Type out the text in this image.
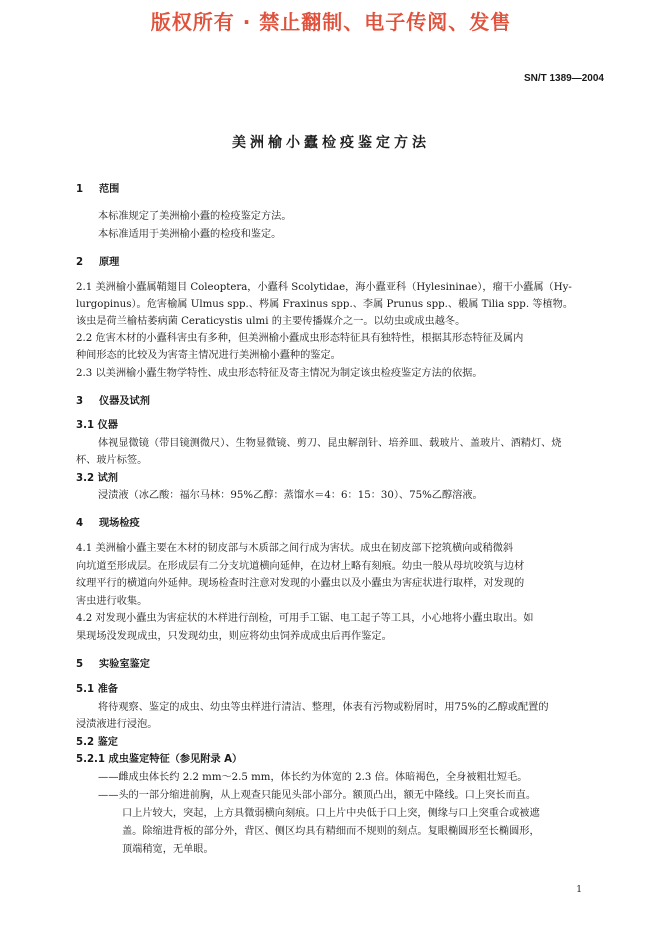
版权所有 · 禁止翻制、电子传阅、发售
SN/T 1389—2004
美洲榆小蠹检疫鉴定方法
1 范围
本标准规定了美洲榆小蠹的检疫鉴定方法。
本标准适用于美洲榆小蠹的检疫和鉴定。
2 原理
2.1 美洲榆小蠹属鞘翅目 Coleoptera，小蠹科 Scolytidae，海小蠹亚科（Hylesininae），瘤干小蠹属（Hy-
lurgopinus）。危害榆属 Ulmus spp.、梣属 Fraxinus spp.、李属 Prunus spp.、椴属 Tilia spp. 等植物。
该虫是荷兰榆枯萎病菌 Ceraticystis ulmi 的主要传播媒介之一。以幼虫或成虫越冬。
2.2 危害木材的小蠹科害虫有多种，但美洲榆小蠹成虫形态特征具有独特性，根据其形态特征及属内
种间形态的比较及为害寄主情况进行美洲榆小蠹种的鉴定。
2.3 以美洲榆小蠹生物学特性、成虫形态特征及寄主情况为制定该虫检疫鉴定方法的依据。
3 仪器及试剂
3.1 仪器
体视显微镜（带目镜测微尺）、生物显微镜、剪刀、昆虫解剖针、培养皿、载玻片、盖玻片、酒精灯、烧
杯、玻片标签。
3.2 试剂
浸渍液（冰乙酸：福尔马林：95%乙醇：蒸馏水＝4：6：15：30）、75%乙醇溶液。
4 现场检疫
4.1 美洲榆小蠹主要在木材的韧皮部与木质部之间行成为害状。成虫在韧皮部下挖筑横向或稍微斜
向坑道至形成层。在形成层有二分支坑道横向延伸，在边材上略有刻痕。幼虫一般从母坑咬筑与边材
纹理平行的横道向外延伸。现场检查时注意对发现的小蠹虫以及小蠹虫为害症状进行取样，对发现的
害虫进行收集。
4.2 对发现小蠹虫为害症状的木样进行剖检，可用手工锯、电工起子等工具，小心地将小蠹虫取出。如
果现场没发现成虫，只发现幼虫，则应将幼虫饲养成成虫后再作鉴定。
5 实验室鉴定
5.1 准备
将待观察、鉴定的成虫、幼虫等虫样进行清洁、整理，体表有污物或粉屑时，用75%的乙醇或配置的
浸渍液进行浸泡。
5.2 鉴定
5.2.1 成虫鉴定特征（参见附录 A）
——雌成虫体长约 2.2 mm～2.5 mm，体长约为体宽的 2.3 倍。体暗褐色，全身被粗壮短毛。
——头的一部分缩进前胸，从上观查只能见头部小部分。额顶凸出，额无中隆线。口上突长而直。
口上片较大，突起，上方具微弱横向刻痕。口上片中央低于口上突，侧缘与口上突重合或被遮
盖。除缩进背板的部分外，背区、侧区均具有精细而不规则的刻点。复眼椭圆形至长椭圆形，
顶端稍宽，无单眼。
1
